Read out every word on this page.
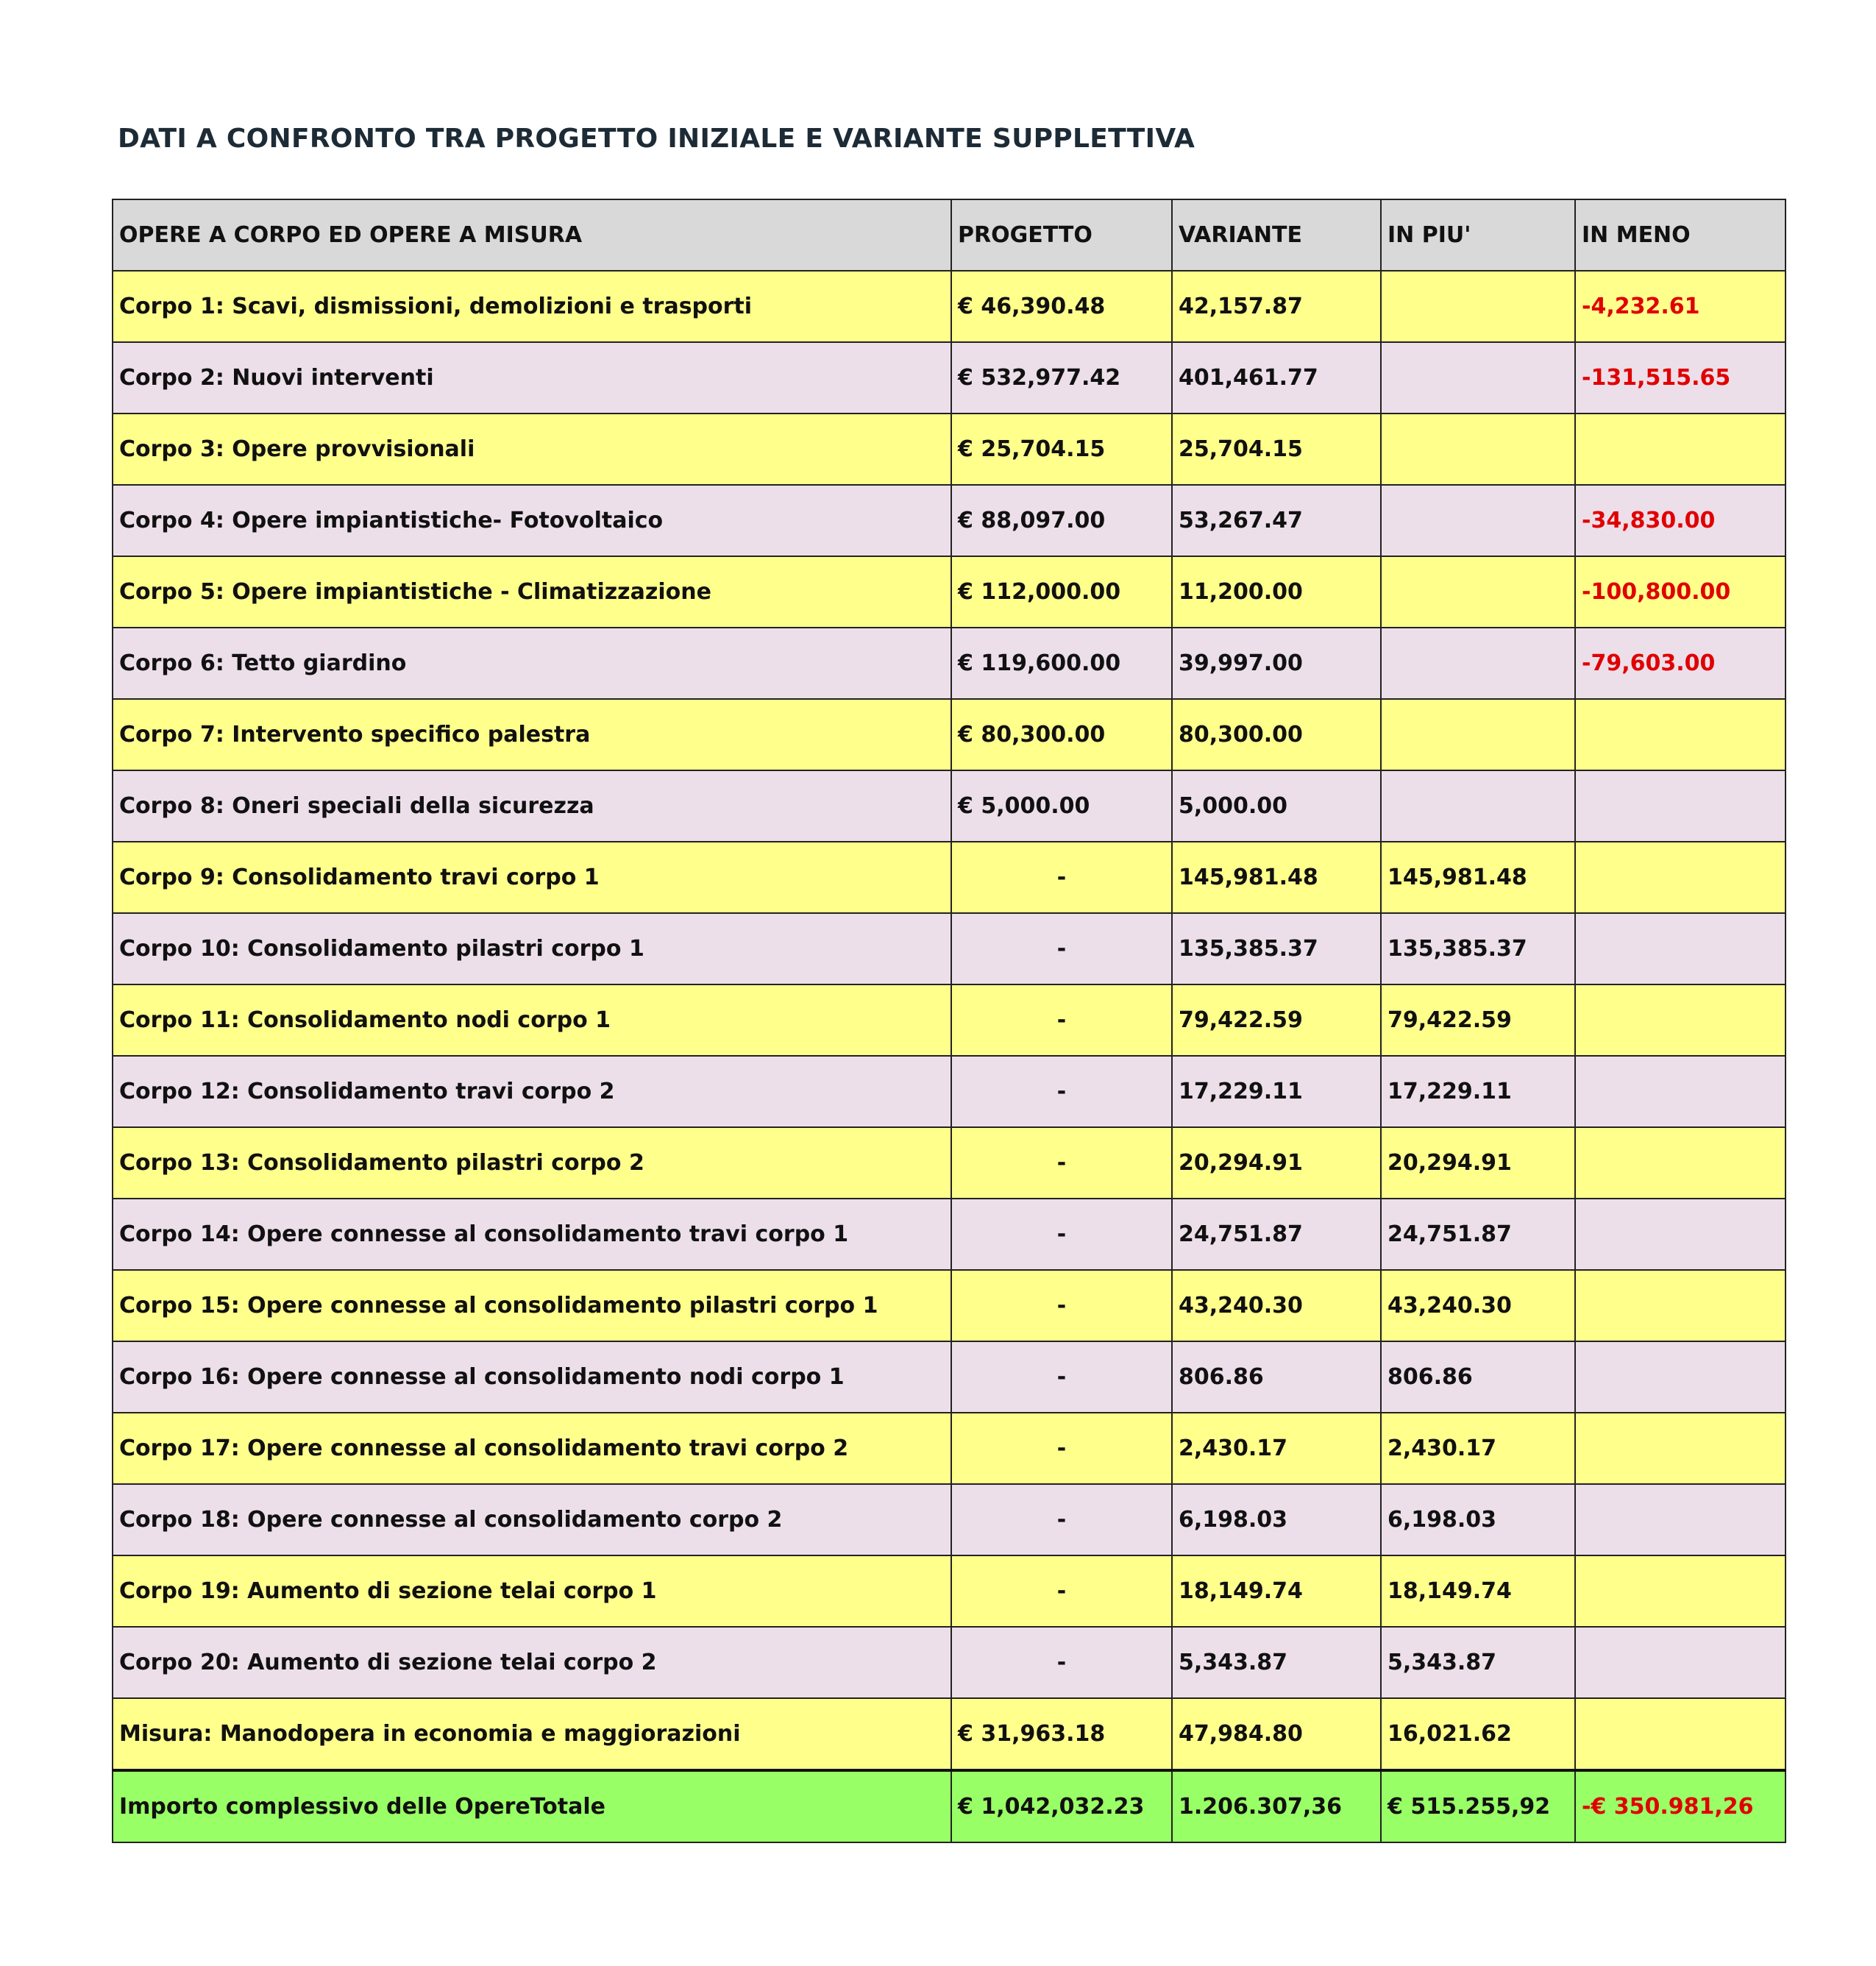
DATI A CONFRONTO TRA PROGETTO INIZIALE E VARIANTE SUPPLETTIVA
OPERE A CORPO ED OPERE A MISURA	PROGETTO	VARIANTE	IN PIU'	IN MENO
Corpo 1: Scavi, dismissioni, demolizioni e trasporti	€ 46,390.48	42,157.87		-4,232.61
Corpo 2: Nuovi interventi	€ 532,977.42	401,461.77		-131,515.65
Corpo 3: Opere provvisionali	€ 25,704.15	25,704.15		
Corpo 4: Opere impiantistiche- Fotovoltaico	€ 88,097.00	53,267.47		-34,830.00
Corpo 5: Opere impiantistiche - Climatizzazione	€ 112,000.00	11,200.00		-100,800.00
Corpo 6: Tetto giardino	€ 119,600.00	39,997.00		-79,603.00
Corpo 7: Intervento specifico palestra	€ 80,300.00	80,300.00		
Corpo 8: Oneri speciali della sicurezza	€ 5,000.00	5,000.00		
Corpo 9: Consolidamento travi corpo 1	-	145,981.48	145,981.48	
Corpo 10: Consolidamento pilastri corpo 1	-	135,385.37	135,385.37	
Corpo 11: Consolidamento nodi corpo 1	-	79,422.59	79,422.59	
Corpo 12: Consolidamento travi corpo 2	-	17,229.11	17,229.11	
Corpo 13: Consolidamento pilastri corpo 2	-	20,294.91	20,294.91	
Corpo 14: Opere connesse al consolidamento travi corpo 1	-	24,751.87	24,751.87	
Corpo 15: Opere connesse al consolidamento pilastri corpo 1	-	43,240.30	43,240.30	
Corpo 16: Opere connesse al consolidamento nodi corpo 1	-	806.86	806.86	
Corpo 17: Opere connesse al consolidamento travi corpo 2	-	2,430.17	2,430.17	
Corpo 18: Opere connesse al consolidamento corpo 2	-	6,198.03	6,198.03	
Corpo 19: Aumento di sezione telai corpo 1	-	18,149.74	18,149.74	
Corpo 20: Aumento di sezione telai corpo 2	-	5,343.87	5,343.87	
Misura: Manodopera in economia e maggiorazioni	€ 31,963.18	47,984.80	16,021.62	
Importo complessivo delle OpereTotale	€ 1,042,032.23	1.206.307,36	€ 515.255,92	-€ 350.981,26
